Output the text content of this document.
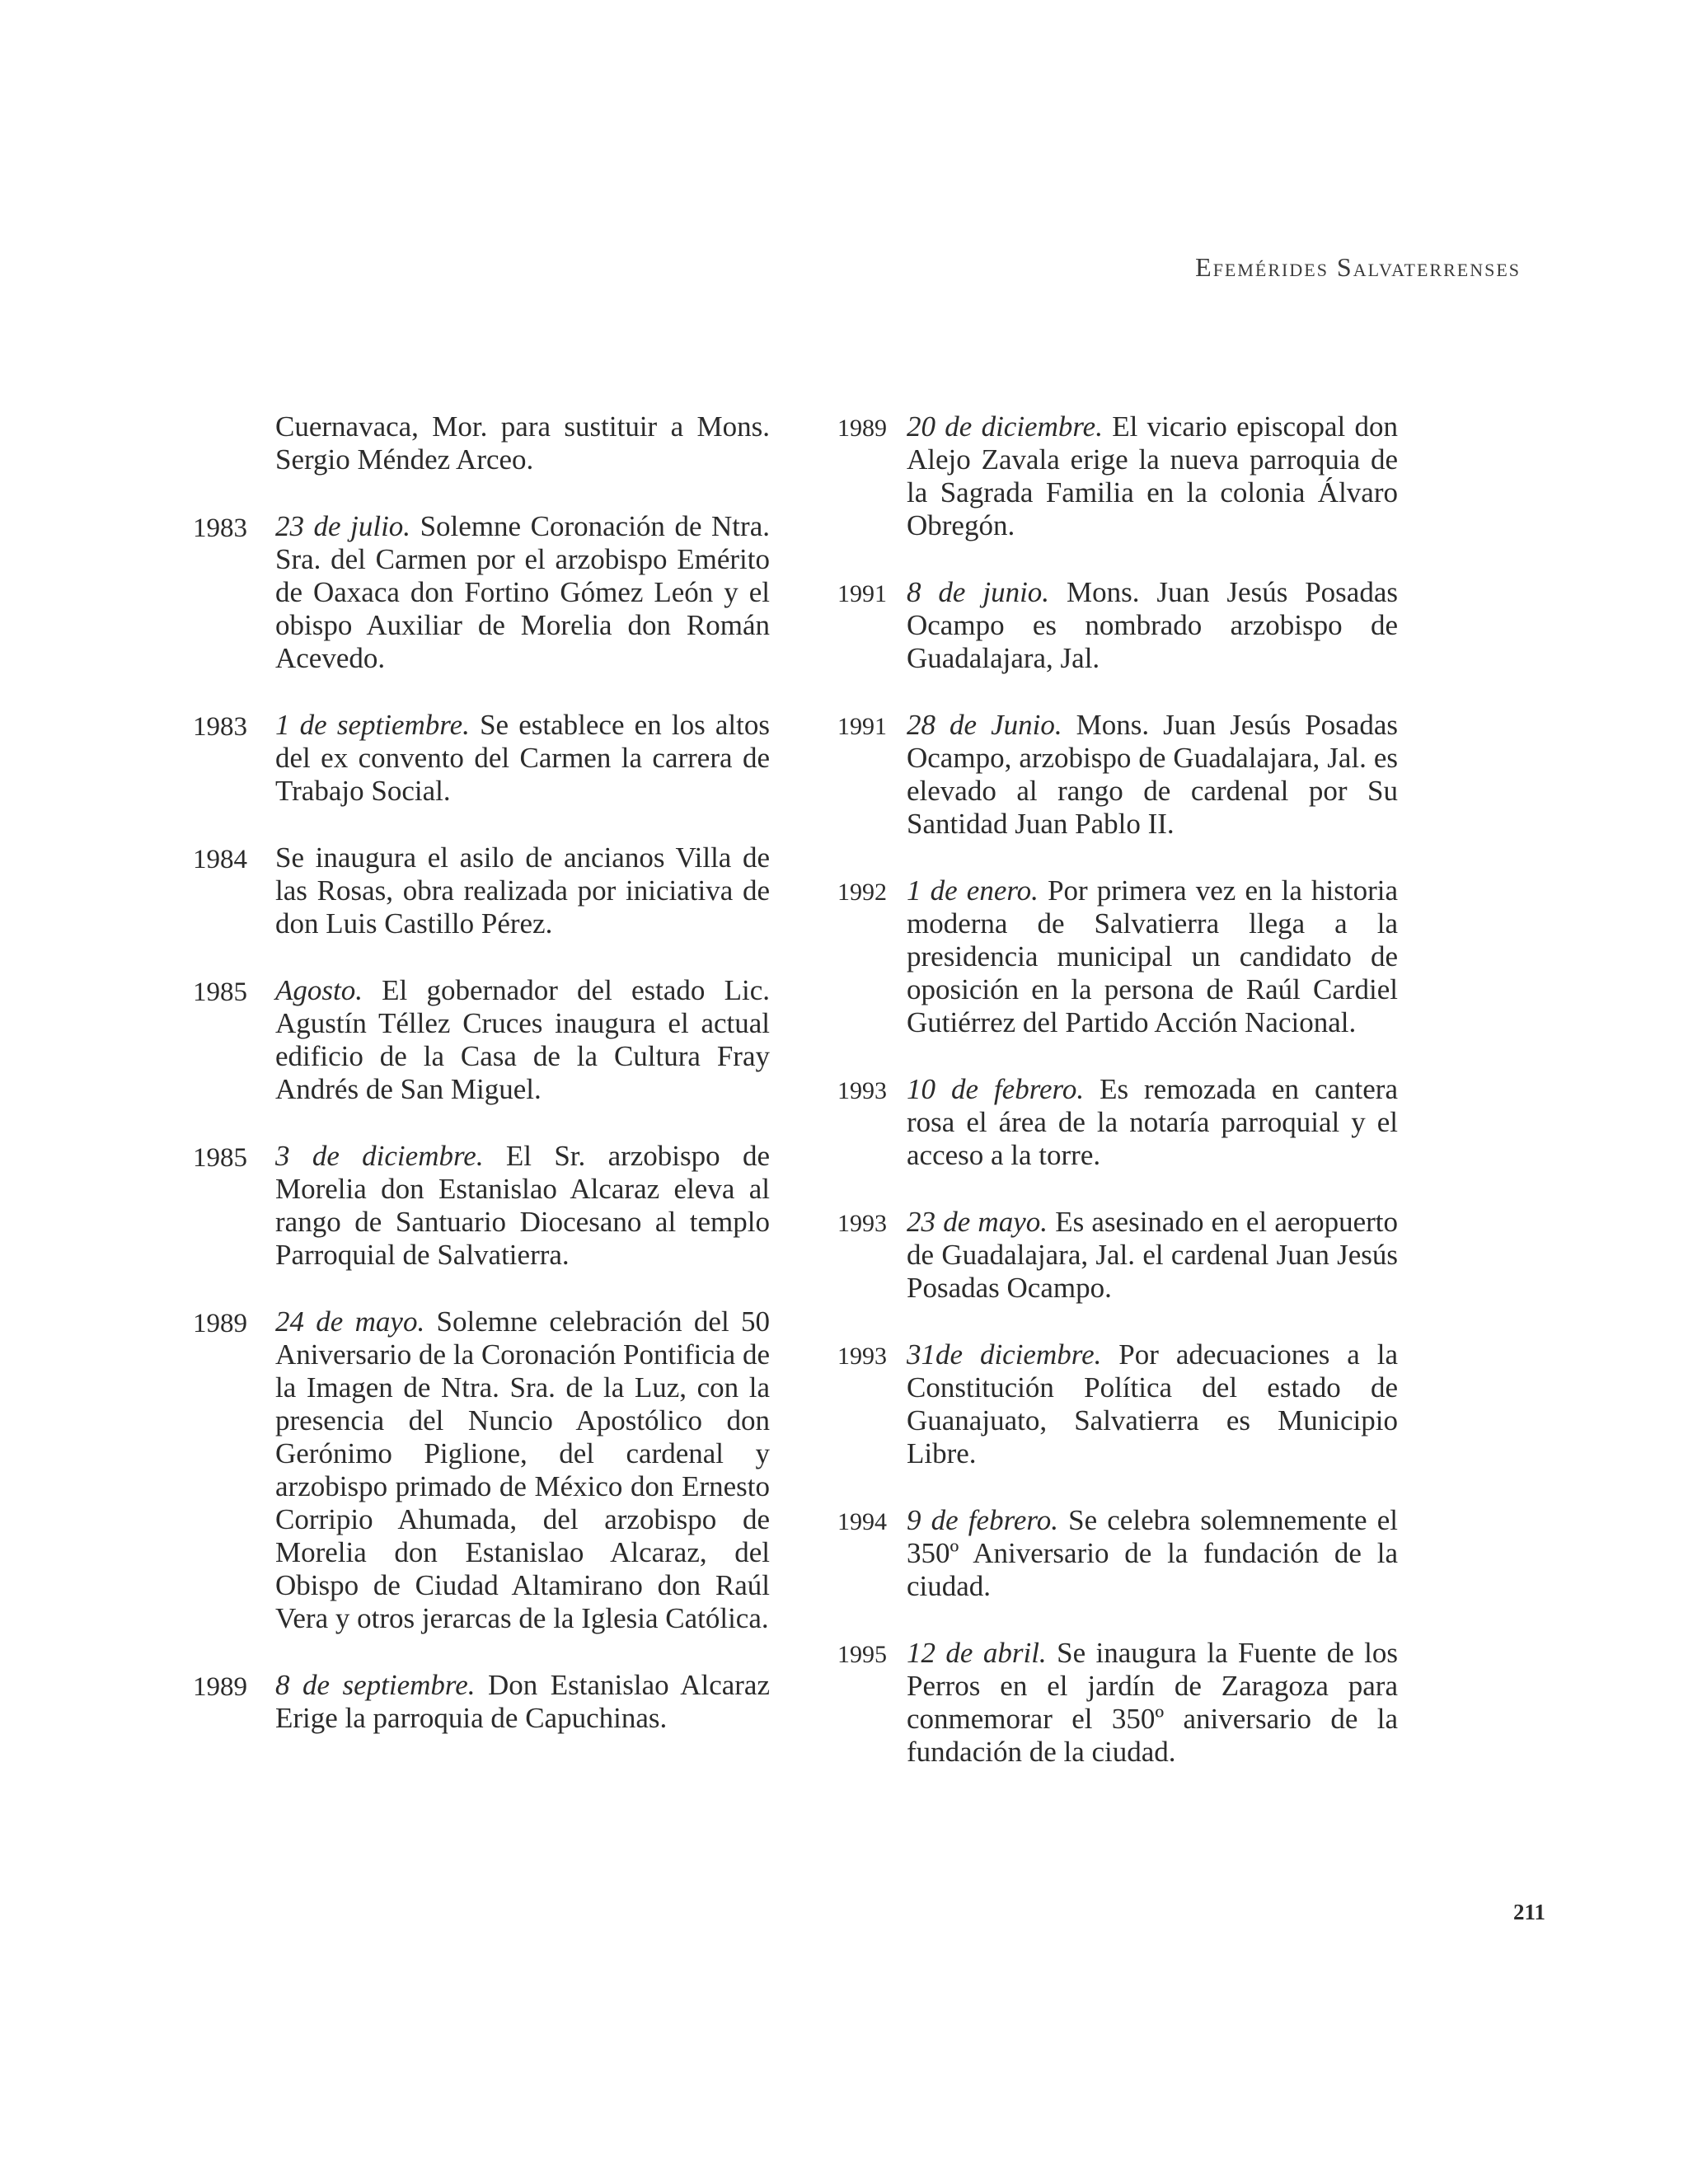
Efemérides Salvaterrenses
Cuernavaca, Mor. para sustituir a Mons. Sergio Méndez Arceo.
1983 23 de julio. Solemne Coronación de Ntra. Sra. del Carmen por el arzobispo Emérito de Oaxaca don Fortino Gómez León y el obispo Auxiliar de Morelia don Román Acevedo.
1983 1 de septiembre. Se establece en los altos del ex convento del Carmen la carrera de Trabajo Social.
1984 Se inaugura el asilo de ancianos Villa de las Rosas, obra realizada por iniciativa de don Luis Castillo Pérez.
1985 Agosto. El gobernador del estado Lic. Agustín Téllez Cruces inaugura el actual edificio de la Casa de la Cultura Fray Andrés de San Miguel.
1985 3 de diciembre. El Sr. arzobispo de Morelia don Estanislao Alcaraz eleva al rango de Santuario Diocesano al templo Parroquial de Salvatierra.
1989 24 de mayo. Solemne celebración del 50 Aniversario de la Coronación Pontificia de la Imagen de Ntra. Sra. de la Luz, con la presencia del Nuncio Apostólico don Gerónimo Piglione, del cardenal y arzobispo primado de México don Ernesto Corripio Ahumada, del arzobispo de Morelia don Estanislao Alcaraz, del Obispo de Ciudad Altamirano don Raúl Vera y otros jerarcas de la Iglesia Católica.
1989 8 de septiembre. Don Estanislao Alcaraz Erige la parroquia de Capuchinas.
1989 20 de diciembre. El vicario episcopal don Alejo Zavala erige la nueva parroquia de la Sagrada Familia en la colonia Álvaro Obregón.
1991 8 de junio. Mons. Juan Jesús Posadas Ocampo es nombrado arzobispo de Guadalajara, Jal.
1991 28 de Junio. Mons. Juan Jesús Posadas Ocampo, arzobispo de Guadalajara, Jal. es elevado al rango de cardenal por Su Santidad Juan Pablo II.
1992 1 de enero. Por primera vez en la historia moderna de Salvatierra llega a la presidencia municipal un candidato de oposición en la persona de Raúl Cardiel Gutiérrez del Partido Acción Nacional.
1993 10 de febrero. Es remozada en cantera rosa el área de la notaría parroquial y el acceso a la torre.
1993 23 de mayo. Es asesinado en el aeropuerto de Guadalajara, Jal. el cardenal Juan Jesús Posadas Ocampo.
1993 31de diciembre. Por adecuaciones a la Constitución Política del estado de Guanajuato, Salvatierra es Municipio Libre.
1994 9 de febrero. Se celebra solemnemente el 350º Aniversario de la fundación de la ciudad.
1995 12 de abril. Se inaugura la Fuente de los Perros en el jardín de Zaragoza para conmemorar el 350º aniversario de la fundación de la ciudad.
211
